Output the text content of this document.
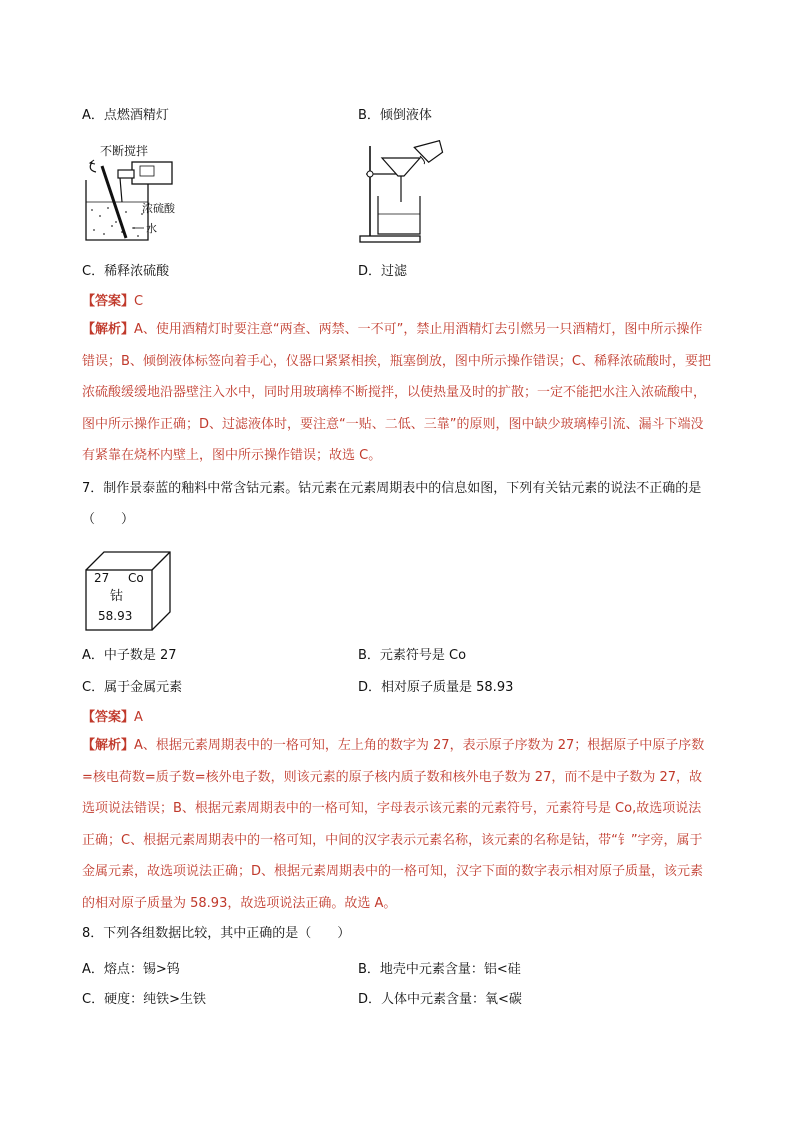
A．点燃酒精灯	B．倾倒液体
不断搅拌
浓硫酸
水
C．稀释浓硫酸	D．过滤
【答案】C
【解析】A、使用酒精灯时要注意“两查、两禁、一不可”，禁止用酒精灯去引燃另一只酒精灯，图中所示操作错误；B、倾倒液体标签向着手心，仪器口紧紧相挨，瓶塞倒放，图中所示操作错误；C、稀释浓硫酸时，要把浓硫酸缓缓地沿器壁注入水中，同时用玻璃棒不断搅拌，以使热量及时的扩散；一定不能把水注入浓硫酸中，图中所示操作正确；D、过滤液体时，要注意“一贴、二低、三靠”的原则，图中缺少玻璃棒引流、漏斗下端没有紧靠在烧杯内壁上，图中所示操作错误；故选 C。
7．制作景泰蓝的釉料中常含钴元素。钴元素在元素周期表中的信息如图，下列有关钴元素的说法不正确的是（　　）
27 Co
钴
58.93
A．中子数是 27	B．元素符号是 Co
C．属于金属元素	D．相对原子质量是 58.93
【答案】A
【解析】A、根据元素周期表中的一格可知，左上角的数字为 27，表示原子序数为 27；根据原子中原子序数=核电荷数=质子数=核外电子数，则该元素的原子核内质子数和核外电子数为 27，而不是中子数为 27，故选项说法错误；B、根据元素周期表中的一格可知，字母表示该元素的元素符号，元素符号是 Co,故选项说法正确；C、根据元素周期表中的一格可知，中间的汉字表示元素名称，该元素的名称是钴，带“钅”字旁，属于金属元素，故选项说法正确；D、根据元素周期表中的一格可知，汉字下面的数字表示相对原子质量，该元素的相对原子质量为 58.93，故选项说法正确。故选 A。
8．下列各组数据比较，其中正确的是（　　）
A．熔点：锡>钨	B．地壳中元素含量：铝<硅
C．硬度：纯铁>生铁	D．人体中元素含量：氧<碳
